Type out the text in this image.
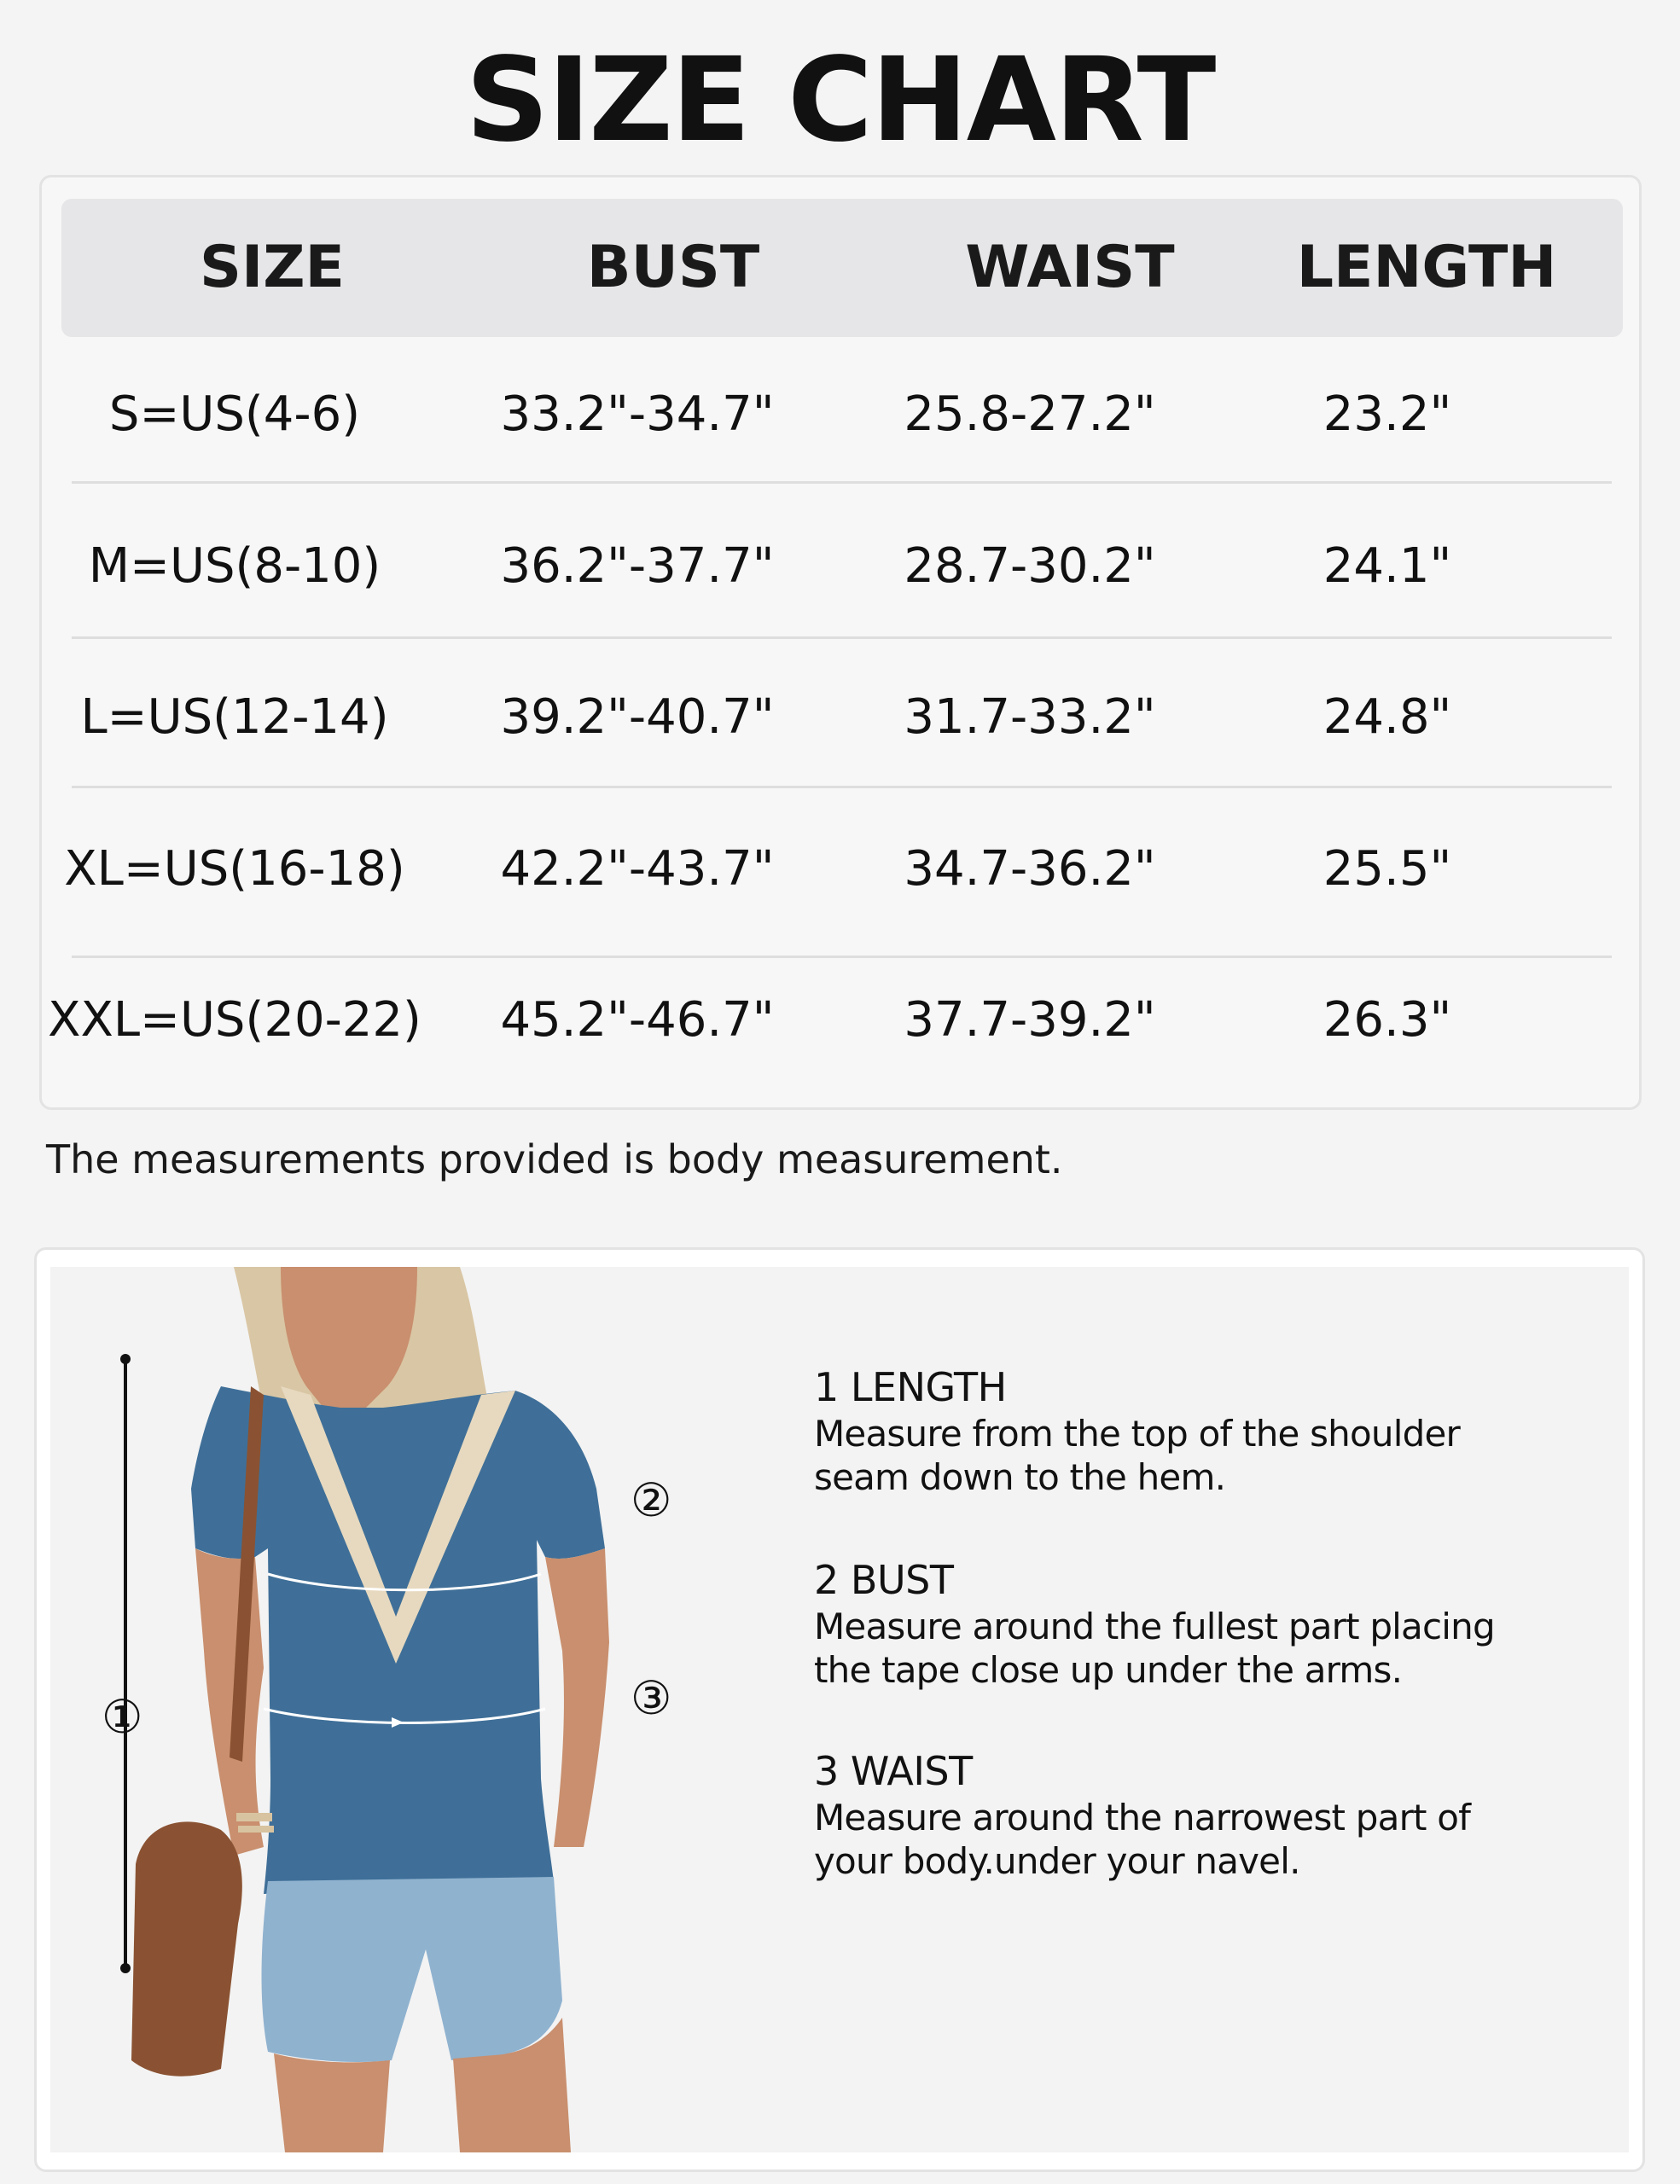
SIZE CHART
SIZE	BUST	WAIST LENGTH
S=US(4-6)	33.2"-34.7"	25.8-27.2"	23.2"
M=US(8-10)	36.2"-37.7"	28.7-30.2"	24.1"
L=US(12-14) 39.2"-40.7"	31.7-33.2"	24.8"
XL=US(16-18) 42.2"-43.7"	34.7-36.2"	25.5"
XXL=US(20-22) 45.2"-46.7"	37.7-39.2"	26.3"
The measurements provided is body measurement.
①
②
③
1 LENGTH
Measure from the top of the shoulder
seam down to the hem.
2 BUST
Measure around the fullest part placing
the tape close up under the arms.
3 WAIST
Measure around the narrowest part of
your body.under your navel.
